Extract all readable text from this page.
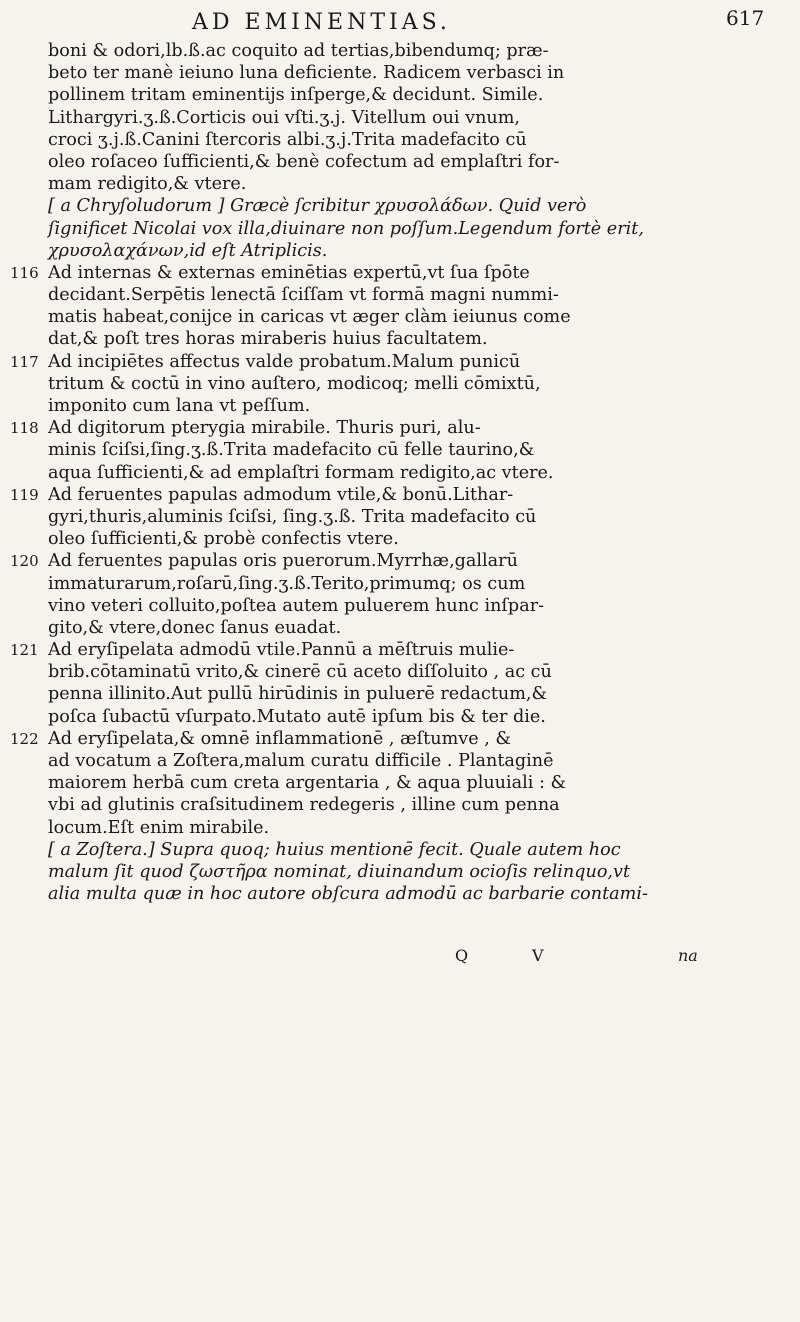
AD EMINENTIAS.	617
boni & odori,lb.ß.ac coquito ad tertias,bibendumq; præ-
beto ter manè ieiuno luna deficiente. Radicem verbasci in
pollinem tritam eminentijs inſperge,& decidunt. Simile.
Lithargyri.ʒ.ß.Corticis oui vſti.ʒ.j. Vitellum oui vnum,
croci ʒ.j.ß.Canini ſtercoris albi.ʒ.j.Trita madefacito cū
oleo roſaceo ſufficienti,& benè cofectum ad emplaſtri for-
mam redigito,& vtere.
[ a Chryſoludorum ] Græcè ſcribitur χρυσολάδων. Quid verò
ſignificet Nicolai vox illa,diuinare non poſſum.Legendum fortè erit,
χρυσολαχάνων,id eſt Atriplicis.
116 Ad internas & externas eminētias expertū,vt ſua ſpōte
decidant.Serpētis lenectā ſciſſam vt formā magni nummi-
matis habeat,conijce in caricas vt æger clàm ieiunus come
dat,& poſt tres horas miraberis huius facultatem.
117 Ad incipiētes affectus valde probatum.Malum punicū
tritum & coctū in vino auſtero, modicoq; melli cōmixtū,
imponito cum lana vt peſſum.
118 Ad digitorum pterygia mirabile. Thuris puri, alu-
minis ſciſsi,ſing.ʒ.ß.Trita madefacito cū felle taurino,&
aqua ſufficienti,& ad emplaſtri formam redigito,ac vtere.
119 Ad feruentes papulas admodum vtile,& bonū.Lithar-
gyri,thuris,aluminis ſciſsi, ſing.ʒ.ß. Trita madefacito cū
oleo ſufficienti,& probè confectis vtere.
120 Ad feruentes papulas oris puerorum.Myrrhæ,gallarū
immaturarum,roſarū,ſing.ʒ.ß.Terito,primumq; os cum
vino veteri colluito,poſtea autem puluerem hunc inſpar-
gito,& vtere,donec ſanus euadat.
121 Ad eryſipelata admodū vtile.Pannū a mēſtruis mulie-
brib.cōtaminatū vrito,& cinerē cū aceto diſſoluito , ac cū
penna illinito.Aut pullū hirūdinis in puluerē redactum,&
poſca ſubactū vſurpato.Mutato autē ipſum bis & ter die.
122 Ad eryſipelata,& omnē inflammationē , æſtumve , &
ad vocatum a Zoſtera,malum curatu difficile . Plantaginē
maiorem herbā cum creta argentaria , & aqua pluuiali : &
vbi ad glutinis craſsitudinem redegeris , illine cum penna
locum.Eſt enim mirabile.
[ a Zoſtera.] Supra quoq; huius mentionē fecit. Quale autem hoc
malum ſit quod ζωστῆρα nominat, diuinandum ocioſis relinquo,vt
alia multa quæ in hoc autore obſcura admodū ac barbarie contami-
Q	V	na
